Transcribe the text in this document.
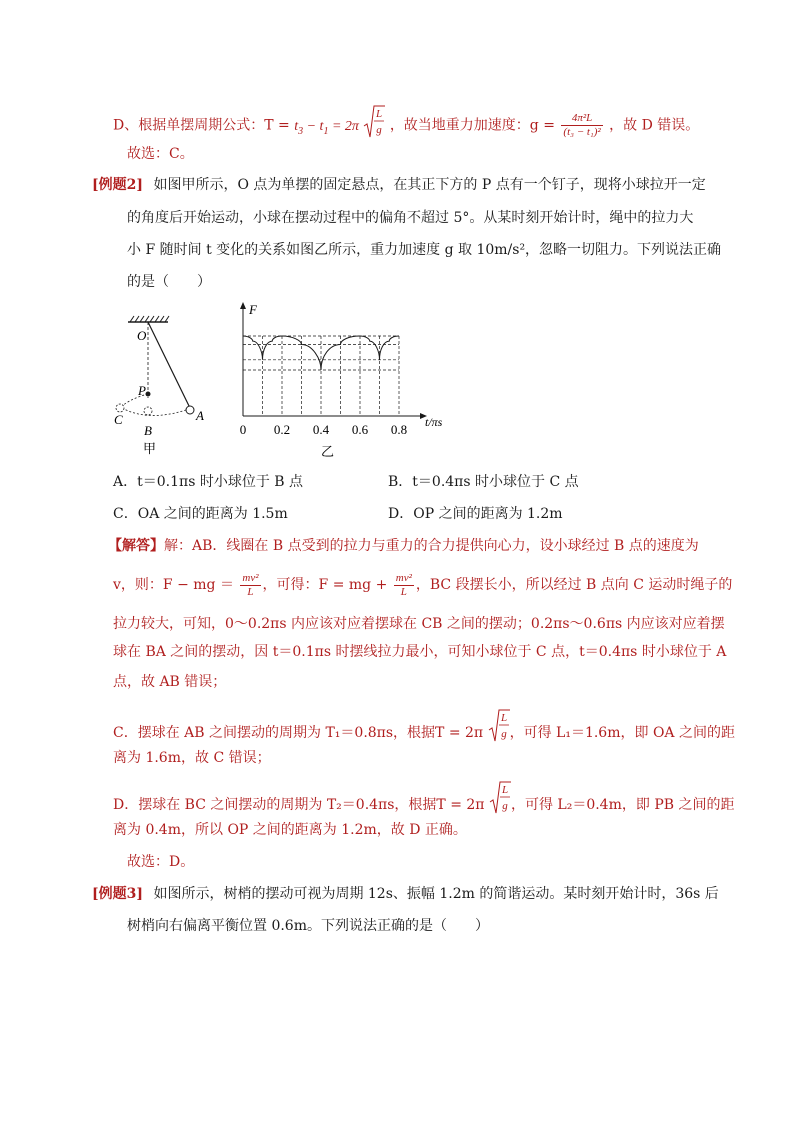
D、根据单摆周期公式：$T = t_3 - t_1 = 2\pi$
L
g ，故当地重力加速度：$g = \frac{\text{4π²L}}{\text{(t₃ − t₁)²}}$ ，故 D 错误。
故选：C。
[例题2] 如图甲所示，O 点为单摆的固定悬点，在其正下方的 P 点有一个钉子，现将小球拉开一定
的角度后开始运动，小球在摆动过程中的偏角不超过 5°。从某时刻开始计时，绳中的拉力大
小 F 随时间 t 变化的关系如图乙所示，重力加速度 g 取 10m/s²，忽略一切阻力。下列说法正确
的是（　　）
O
P
A
B
C
甲
F
t/πs
0 0.2 0.4 0.6 0.8
乙
A．t＝0.1πs 时小球位于 B 点	B．t＝0.4πs 时小球位于 C 点
C．OA 之间的距离为 1.5m	D．OP 之间的距离为 1.2m
【解答】解：AB．线圈在 B 点受到的拉力与重力的合力提供向心力，设小球经过 B 点的速度为
v，则：F − mg ＝ $\frac{\text{mv²}}{L}$ ，可得：F = mg + $\frac{\text{mv²}}{L}$ ，BC 段摆长小，所以经过 B 点向 C 运动时绳子的
拉力较大，可知，0～0.2πs 内应该对应着摆球在 CB 之间的摆动；0.2πs～0.6πs 内应该对应着摆
球在 BA 之间的摆动，因 t＝0.1πs 时摆线拉力最小，可知小球位于 C 点，t＝0.4πs 时小球位于 A
点，故 AB 错误；
C．摆球在 AB 之间摆动的周期为 T₁＝0.8πs，根据T = 2π
L
g ，可得 L₁＝1.6m，即 OA 之间的距
离为 1.6m，故 C 错误；
D．摆球在 BC 之间摆动的周期为 T₂＝0.4πs，根据T = 2π
L
g ，可得 L₂＝0.4m，即 PB 之间的距
离为 0.4m，所以 OP 之间的距离为 1.2m，故 D 正确。
故选：D。
[例题3] 如图所示，树梢的摆动可视为周期 12s、振幅 1.2m 的简谐运动。某时刻开始计时，36s 后
树梢向右偏离平衡位置 0.6m。下列说法正确的是（　　）
